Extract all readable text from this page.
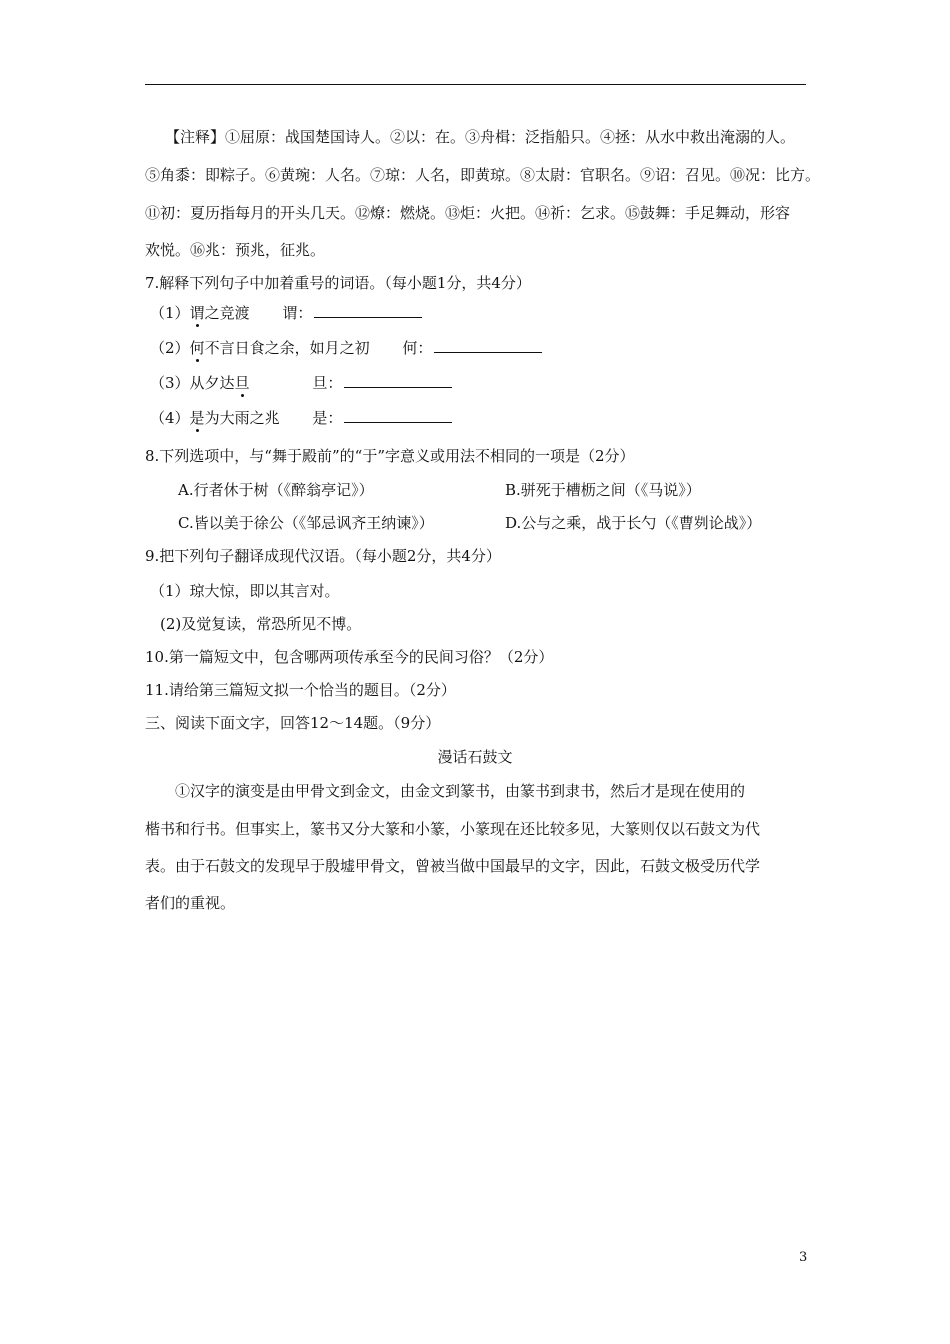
【注释】①屈原：战国楚国诗人。②以：在。③舟楫：泛指船只。④拯：从水中救出淹溺的人。
⑤角黍：即粽子。⑥黄琬：人名。⑦琼：人名，即黄琼。⑧太尉：官职名。⑨诏：召见。⑩况：比方。
⑪初：夏历指每月的开头几天。⑫燎：燃烧。⑬炬：火把。⑭祈：乞求。⑮鼓舞：手足舞动，形容
欢悦。⑯兆：预兆，征兆。
7.解释下列句子中加着重号的词语。（每小题1分，共4分）
（1）谓之竞渡 谓：
（2）何不言日食之余，如月之初 何：
（3）从夕达旦	旦：
（4）是为大雨之兆 是：
8.下列选项中，与“舞于殿前”的“于”字意义或用法不相同的一项是（2分）
A.行者休于树（《醉翁亭记》）	B.骈死于槽枥之间（《马说》）
C.皆以美于徐公（《邹忌讽齐王纳谏》）	D.公与之乘，战于长勺（《曹刿论战》）
9.把下列句子翻译成现代汉语。（每小题2分，共4分）
（1）琼大惊，即以其言对。
(2)及觉复读，常恐所见不博。
10.第一篇短文中，包含哪两项传承至今的民间习俗？（2分）
11.请给第三篇短文拟一个恰当的题目。（2分）
三、阅读下面文字，回答12～14题。（9分）
漫话石鼓文
①汉字的演变是由甲骨文到金文，由金文到篆书，由篆书到隶书，然后才是现在使用的
楷书和行书。但事实上，篆书又分大篆和小篆，小篆现在还比较多见，大篆则仅以石鼓文为代
表。由于石鼓文的发现早于殷墟甲骨文，曾被当做中国最早的文字，因此，石鼓文极受历代学
者们的重视。
3
